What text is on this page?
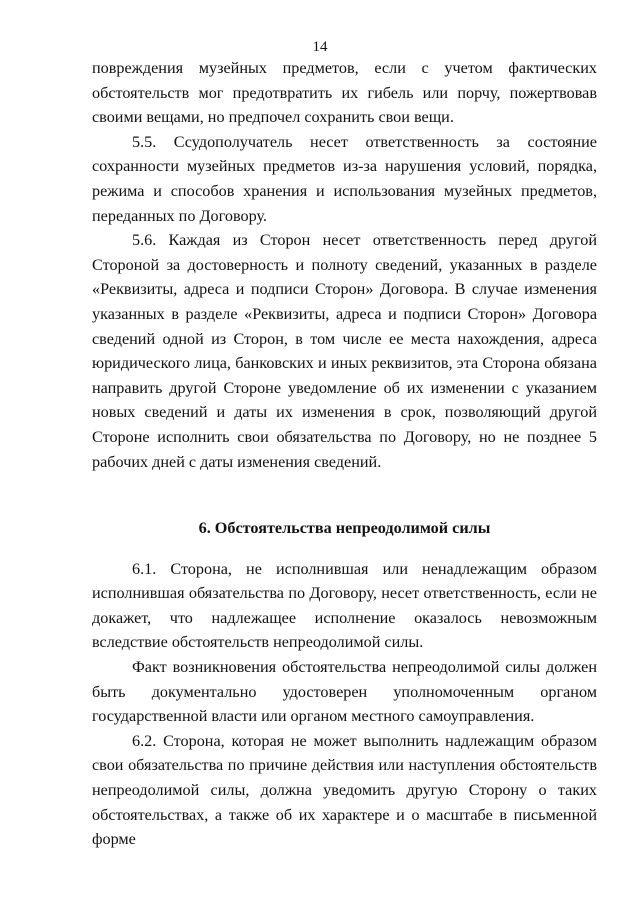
14

повреждения музейных предметов, если с учетом фактических обстоятельств мог предотвратить их гибель или порчу, пожертвовав своими вещами, но предпочел сохранить свои вещи.

5.5. Ссудополучатель несет ответственность за состояние сохранности музейных предметов из-за нарушения условий, порядка, режима и способов хранения и использования музейных предметов, переданных по Договору.

5.6. Каждая из Сторон несет ответственность перед другой Стороной за достоверность и полноту сведений, указанных в разделе «Реквизиты, адреса и подписи Сторон» Договора. В случае изменения указанных в разделе «Реквизиты, адреса и подписи Сторон» Договора сведений одной из Сторон, в том числе ее места нахождения, адреса юридического лица, банковских и иных реквизитов, эта Сторона обязана направить другой Стороне уведомление об их изменении с указанием новых сведений и даты их изменения в срок, позволяющий другой Стороне исполнить свои обязательства по Договору, но не позднее 5 рабочих дней с даты изменения сведений.

6. Обстоятельства непреодолимой силы

6.1. Сторона, не исполнившая или ненадлежащим образом исполнившая обязательства по Договору, несет ответственность, если не докажет, что надлежащее исполнение оказалось невозможным вследствие обстоятельств непреодолимой силы.

Факт возникновения обстоятельства непреодолимой силы должен быть документально удостоверен уполномоченным органом государственной власти или органом местного самоуправления.

6.2. Сторона, которая не может выполнить надлежащим образом свои обязательства по причине действия или наступления обстоятельств непреодолимой силы, должна уведомить другую Сторону о таких обстоятельствах, а также об их характере и о масштабе в письменной форме
